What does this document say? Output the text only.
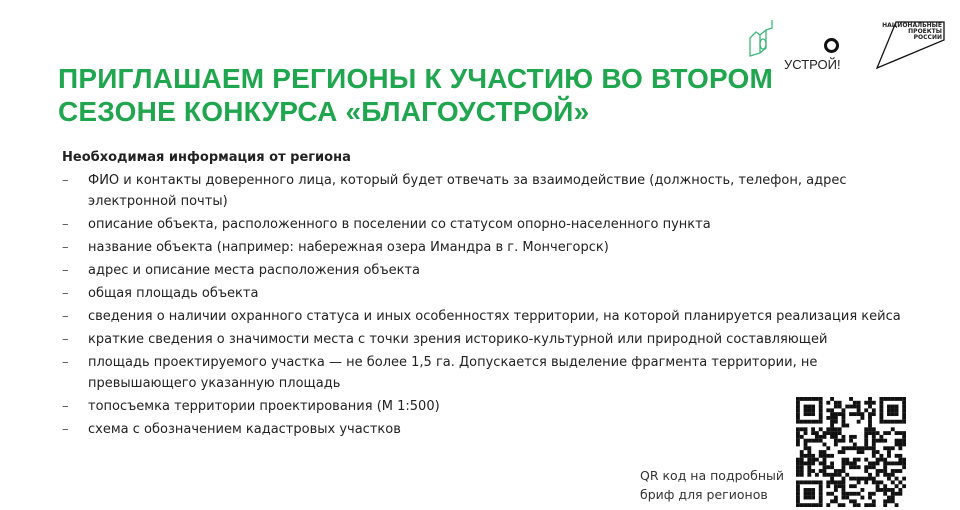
УСТРОЙ!
НАЦИОНАЛЬНЫЕ ПРОЕКТЫ РОССИИ
ПРИГЛАШАЕМ РЕГИОНЫ К УЧАСТИЮ ВО ВТОРОМ
СЕЗОНЕ КОНКУРСА «БЛАГОУСТРОЙ»
Необходимая информация от региона
– ФИО и контакты доверенного лица, который будет отвечать за взаимодействие (должность, телефон, адрес электронной почты)
– описание объекта, расположенного в поселении со статусом опорно-населенного пункта
– название объекта (например: набережная озера Имандра в г. Мончегорск)
– адрес и описание места расположения объекта
– общая площадь объекта
– сведения о наличии охранного статуса и иных особенностях территории, на которой планируется реализация кейса
– краткие сведения о значимости места с точки зрения историко-культурной или природной составляющей
– площадь проектируемого участка — не более 1,5 га. Допускается выделение фрагмента территории, не превышающего указанную площадь
– топосъемка территории проектирования (М 1:500)
– схема с обозначением кадастровых участков
QR код на подробный
бриф для регионов
